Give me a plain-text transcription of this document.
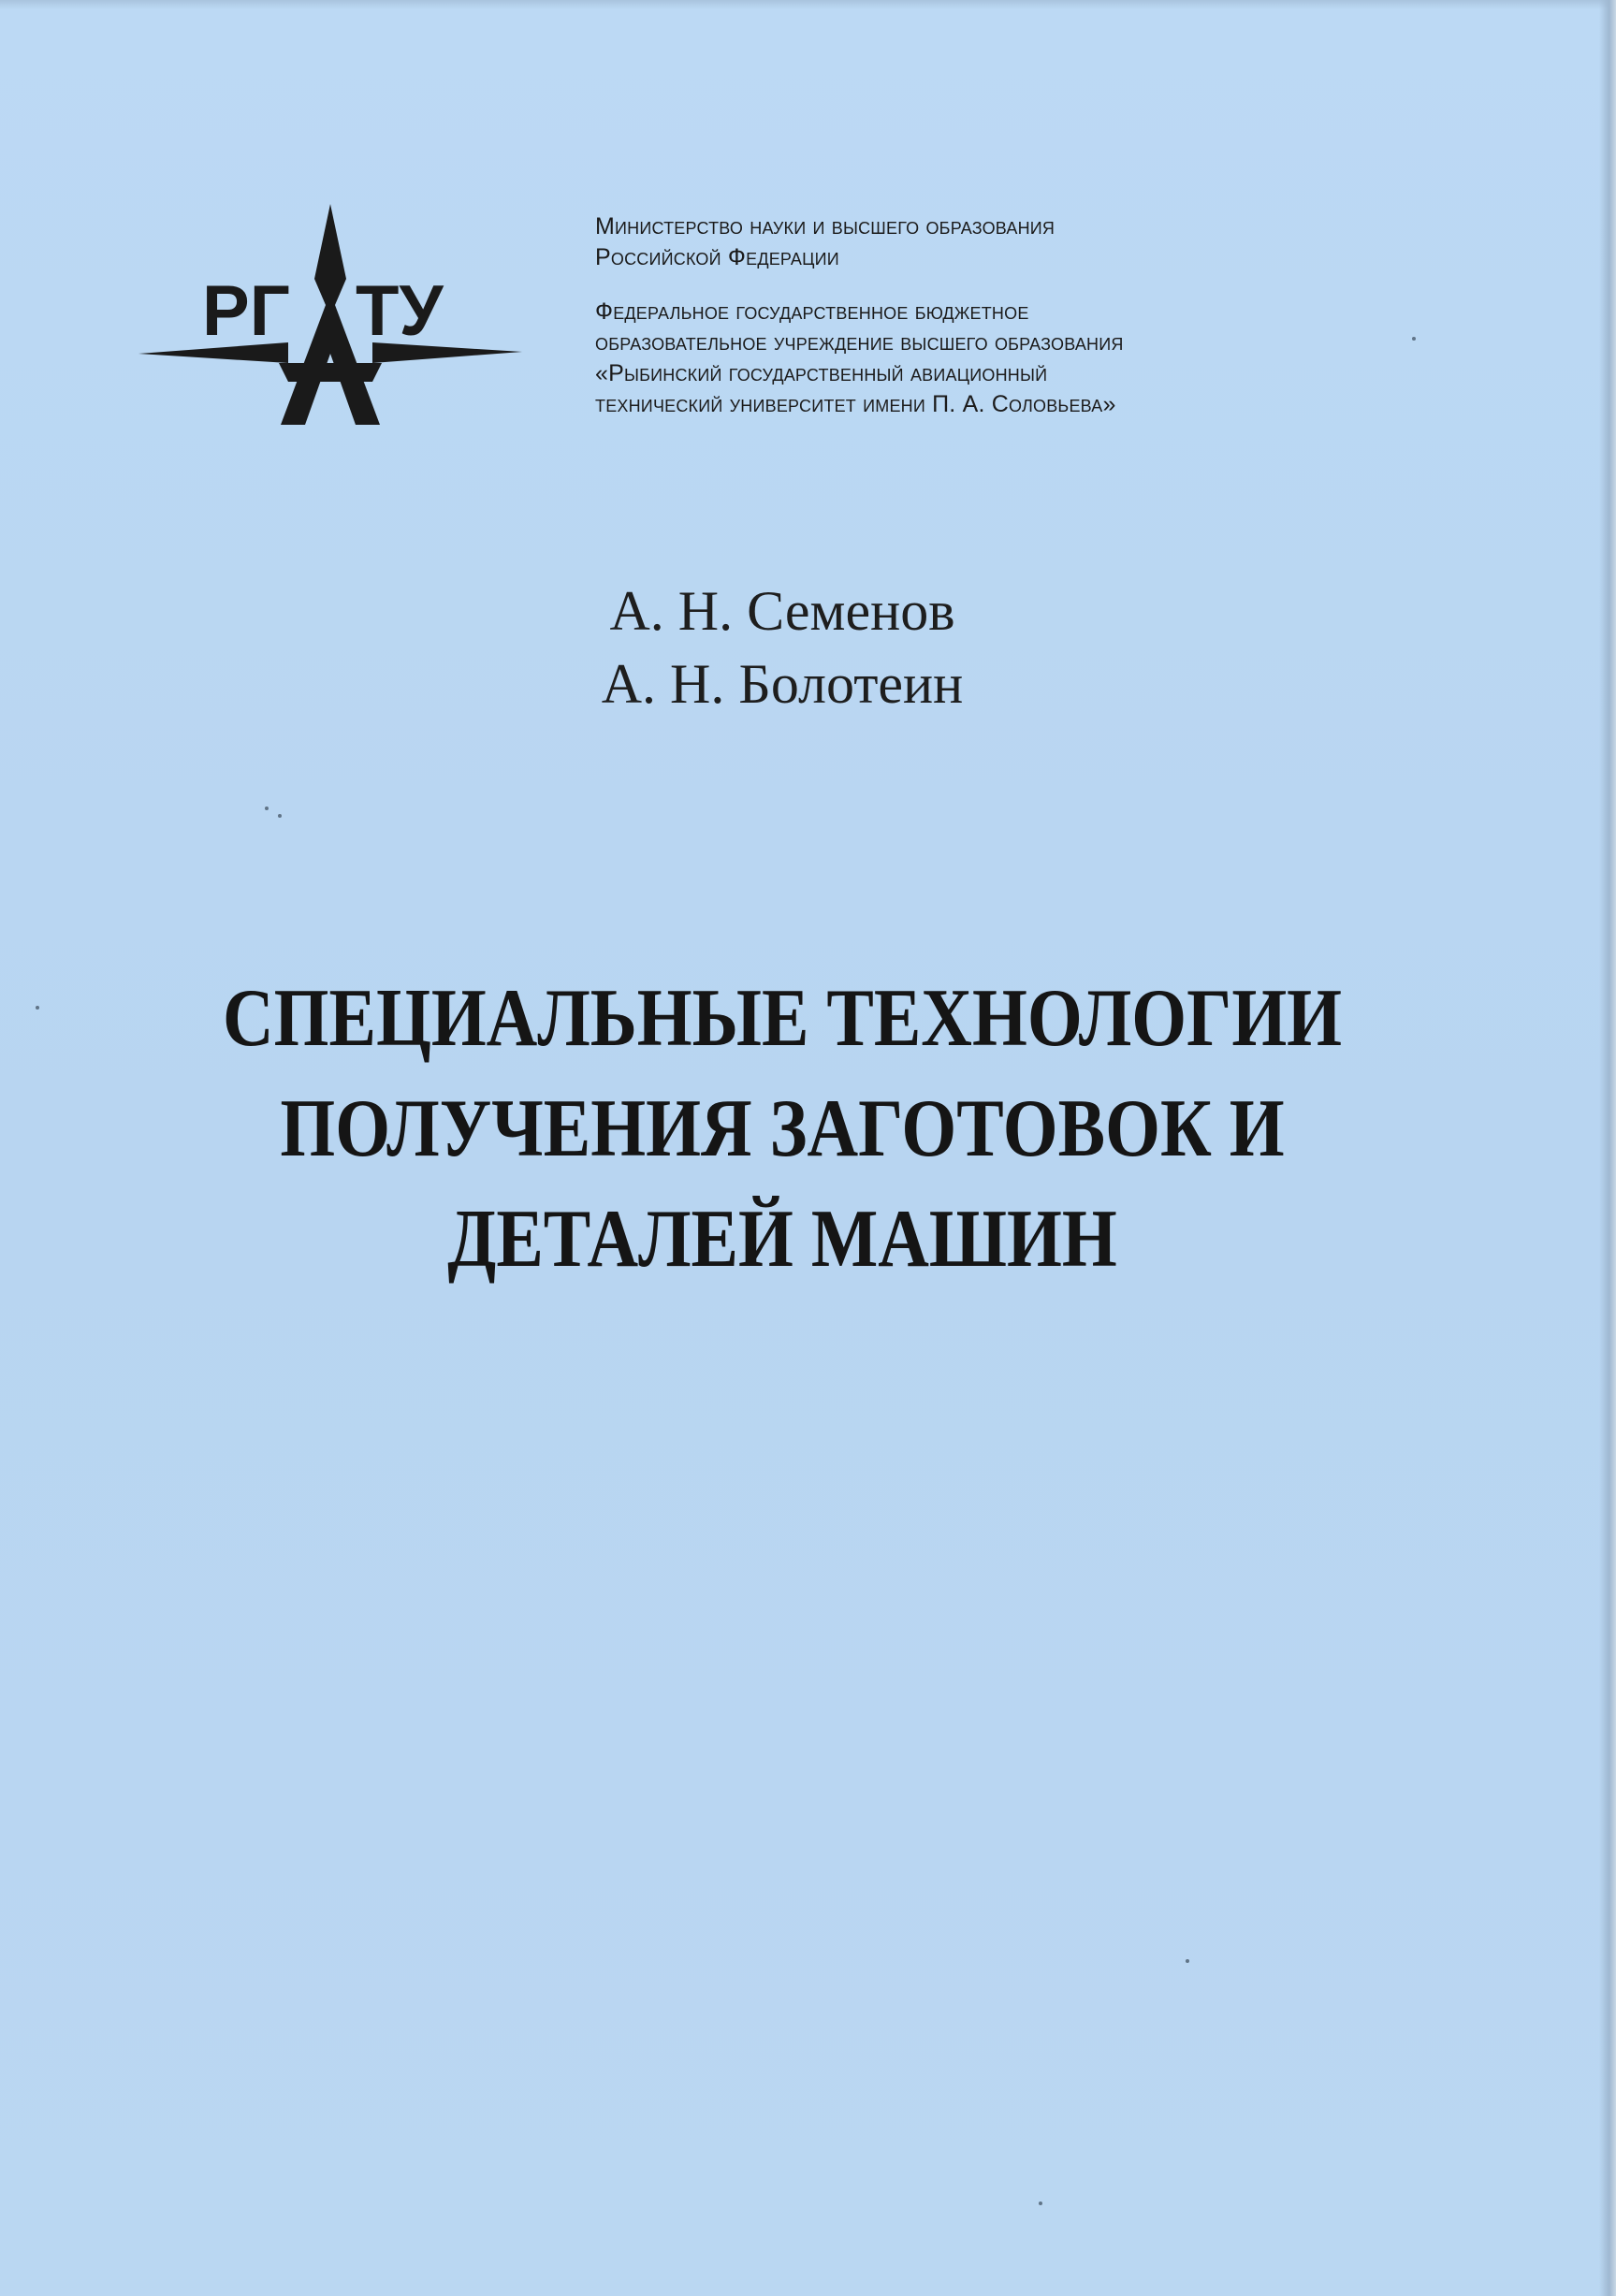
РГ ТУ
Министерство науки и высшего образования
Российской Федерации
Федеральное государственное бюджетное
образовательное учреждение высшего образования
«Рыбинский государственный авиационный
технический университет имени П. А. Соловьева»
А. Н. Семенов
А. Н. Болотеин
СПЕЦИАЛЬНЫЕ ТЕХНОЛОГИИ
ПОЛУЧЕНИЯ ЗАГОТОВОК И
ДЕТАЛЕЙ МАШИН
